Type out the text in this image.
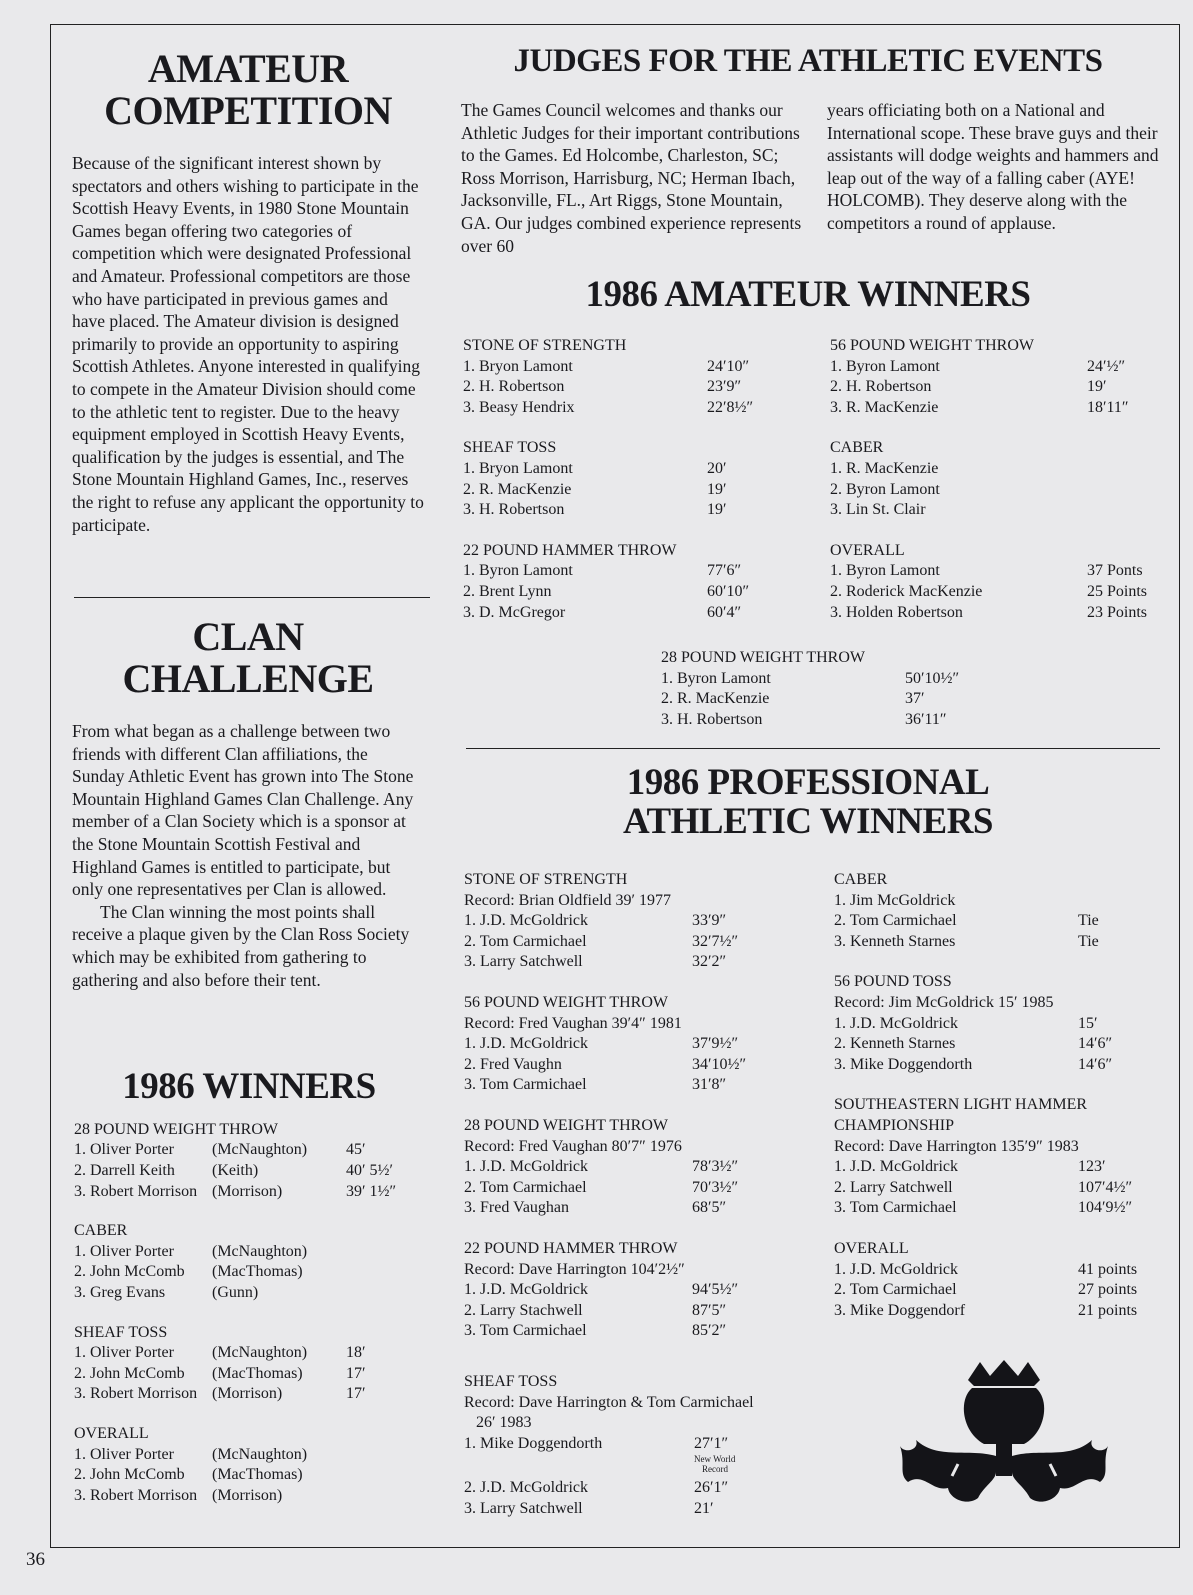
36
AMATEUR
COMPETITION

Because of the significant interest shown by spectators and others wishing to participate in the Scottish Heavy Events, in 1980 Stone Mountain Games began offering two categories of competition which were designated Professional and Amateur. Professional competitors are those who have participated in previous games and have placed. The Amateur division is designed primarily to provide an opportunity to aspiring Scottish Athletes. Anyone interested in qualifying to compete in the Amateur Division should come to the athletic tent to register. Due to the heavy equipment employed in Scottish Heavy Events, qualification by the judges is essential, and The Stone Mountain Highland Games, Inc., reserves the right to refuse any applicant the opportunity to participate.

CLAN
CHALLENGE

From what began as a challenge between two friends with different Clan affiliations, the Sunday Athletic Event has grown into The Stone Mountain Highland Games Clan Challenge. Any member of a Clan Society which is a sponsor at the Stone Mountain Scottish Festival and Highland Games is entitled to participate, but only one representatives per Clan is allowed.

The Clan winning the most points shall receive a plaque given by the Clan Ross Society which may be exhibited from gathering to gathering and also before their tent.

1986 WINNERS
28 POUND WEIGHT THROW
1. Oliver Porter	(McNaughton)	45′
2. Darrell Keith	(Keith)	40′ 5½′
3. Robert Morrison (Morrison)	39′ 1½″
CABER
1. Oliver Porter	(McNaughton)
2. John McComb	(MacThomas)
3. Greg Evans	(Gunn)
SHEAF TOSS
1. Oliver Porter	(McNaughton)	18′
2. John McComb	(MacThomas)	17′
3. Robert Morrison (Morrison)	17′
OVERALL
1. Oliver Porter	(McNaughton)
2. John McComb	(MacThomas)
3. Robert Morrison (Morrison)
JUDGES FOR THE ATHLETIC EVENTS

The Games Council welcomes and thanks our Athletic Judges for their important contributions to the Games. Ed Holcombe, Charleston, SC; Ross Morrison, Harrisburg, NC; Herman Ibach, Jacksonville, FL., Art Riggs, Stone Mountain, GA. Our judges combined experience represents over 60

years officiating both on a National and International scope. These brave guys and their assistants will dodge weights and hammers and leap out of the way of a falling caber (AYE! HOLCOMB). They deserve along with the competitors a round of applause.

1986 AMATEUR WINNERS
STONE OF STRENGTH
1. Bryon Lamont	24′10″
2. H. Robertson	23′9″
3. Beasy Hendrix	22′8½″
SHEAF TOSS
1. Bryon Lamont	20′
2. R. MacKenzie	19′
3. H. Robertson	19′
22 POUND HAMMER THROW
1. Byron Lamont	77′6″
2. Brent Lynn	60′10″
3. D. McGregor	60′4″
56 POUND WEIGHT THROW
1. Byron Lamont	24′½″
2. H. Robertson	19′
3. R. MacKenzie	18′11″
CABER
1. R. MacKenzie
2. Byron Lamont
3. Lin St. Clair
OVERALL
1. Byron Lamont	37 Ponts
2. Roderick MacKenzie	25 Points
3. Holden Robertson	23 Points
28 POUND WEIGHT THROW
1. Byron Lamont	50′10½″
2. R. MacKenzie	37′
3. H. Robertson	36′11″
1986 PROFESSIONAL
ATHLETIC WINNERS
STONE OF STRENGTH
Record: Brian Oldfield 39′ 1977
1. J.D. McGoldrick	33′9″
2. Tom Carmichael	32′7½″
3. Larry Satchwell	32′2″
56 POUND WEIGHT THROW
Record: Fred Vaughan 39′4″ 1981
1. J.D. McGoldrick	37′9½″
2. Fred Vaughn	34′10½″
3. Tom Carmichael	31′8″
28 POUND WEIGHT THROW
Record: Fred Vaughan 80′7″ 1976
1. J.D. McGoldrick	78′3½″
2. Tom Carmichael	70′3½″
3. Fred Vaughan	68′5″
22 POUND HAMMER THROW
Record: Dave Harrington 104′2½″
1. J.D. McGoldrick	94′5½″
2. Larry Stachwell	87′5″
3. Tom Carmichael	85′2″
SHEAF TOSS
Record: Dave Harrington & Tom Carmichael
26′ 1983
1. Mike Doggendorth	27′1″
New World
Record
2. J.D. McGoldrick	26′1″
3. Larry Satchwell	21′
CABER
1. Jim McGoldrick
2. Tom Carmichael	Tie
3. Kenneth Starnes	Tie
56 POUND TOSS
Record: Jim McGoldrick 15′ 1985
1. J.D. McGoldrick	15′
2. Kenneth Starnes	14′6″
3. Mike Doggendorth	14′6″
SOUTHEASTERN LIGHT HAMMER
CHAMPIONSHIP
Record: Dave Harrington 135′9″ 1983
1. J.D. McGoldrick	123′
2. Larry Satchwell	107′4½″
3. Tom Carmichael	104′9½″
OVERALL
1. J.D. McGoldrick	41 points
2. Tom Carmichael	27 points
3. Mike Doggendorf	21 points
